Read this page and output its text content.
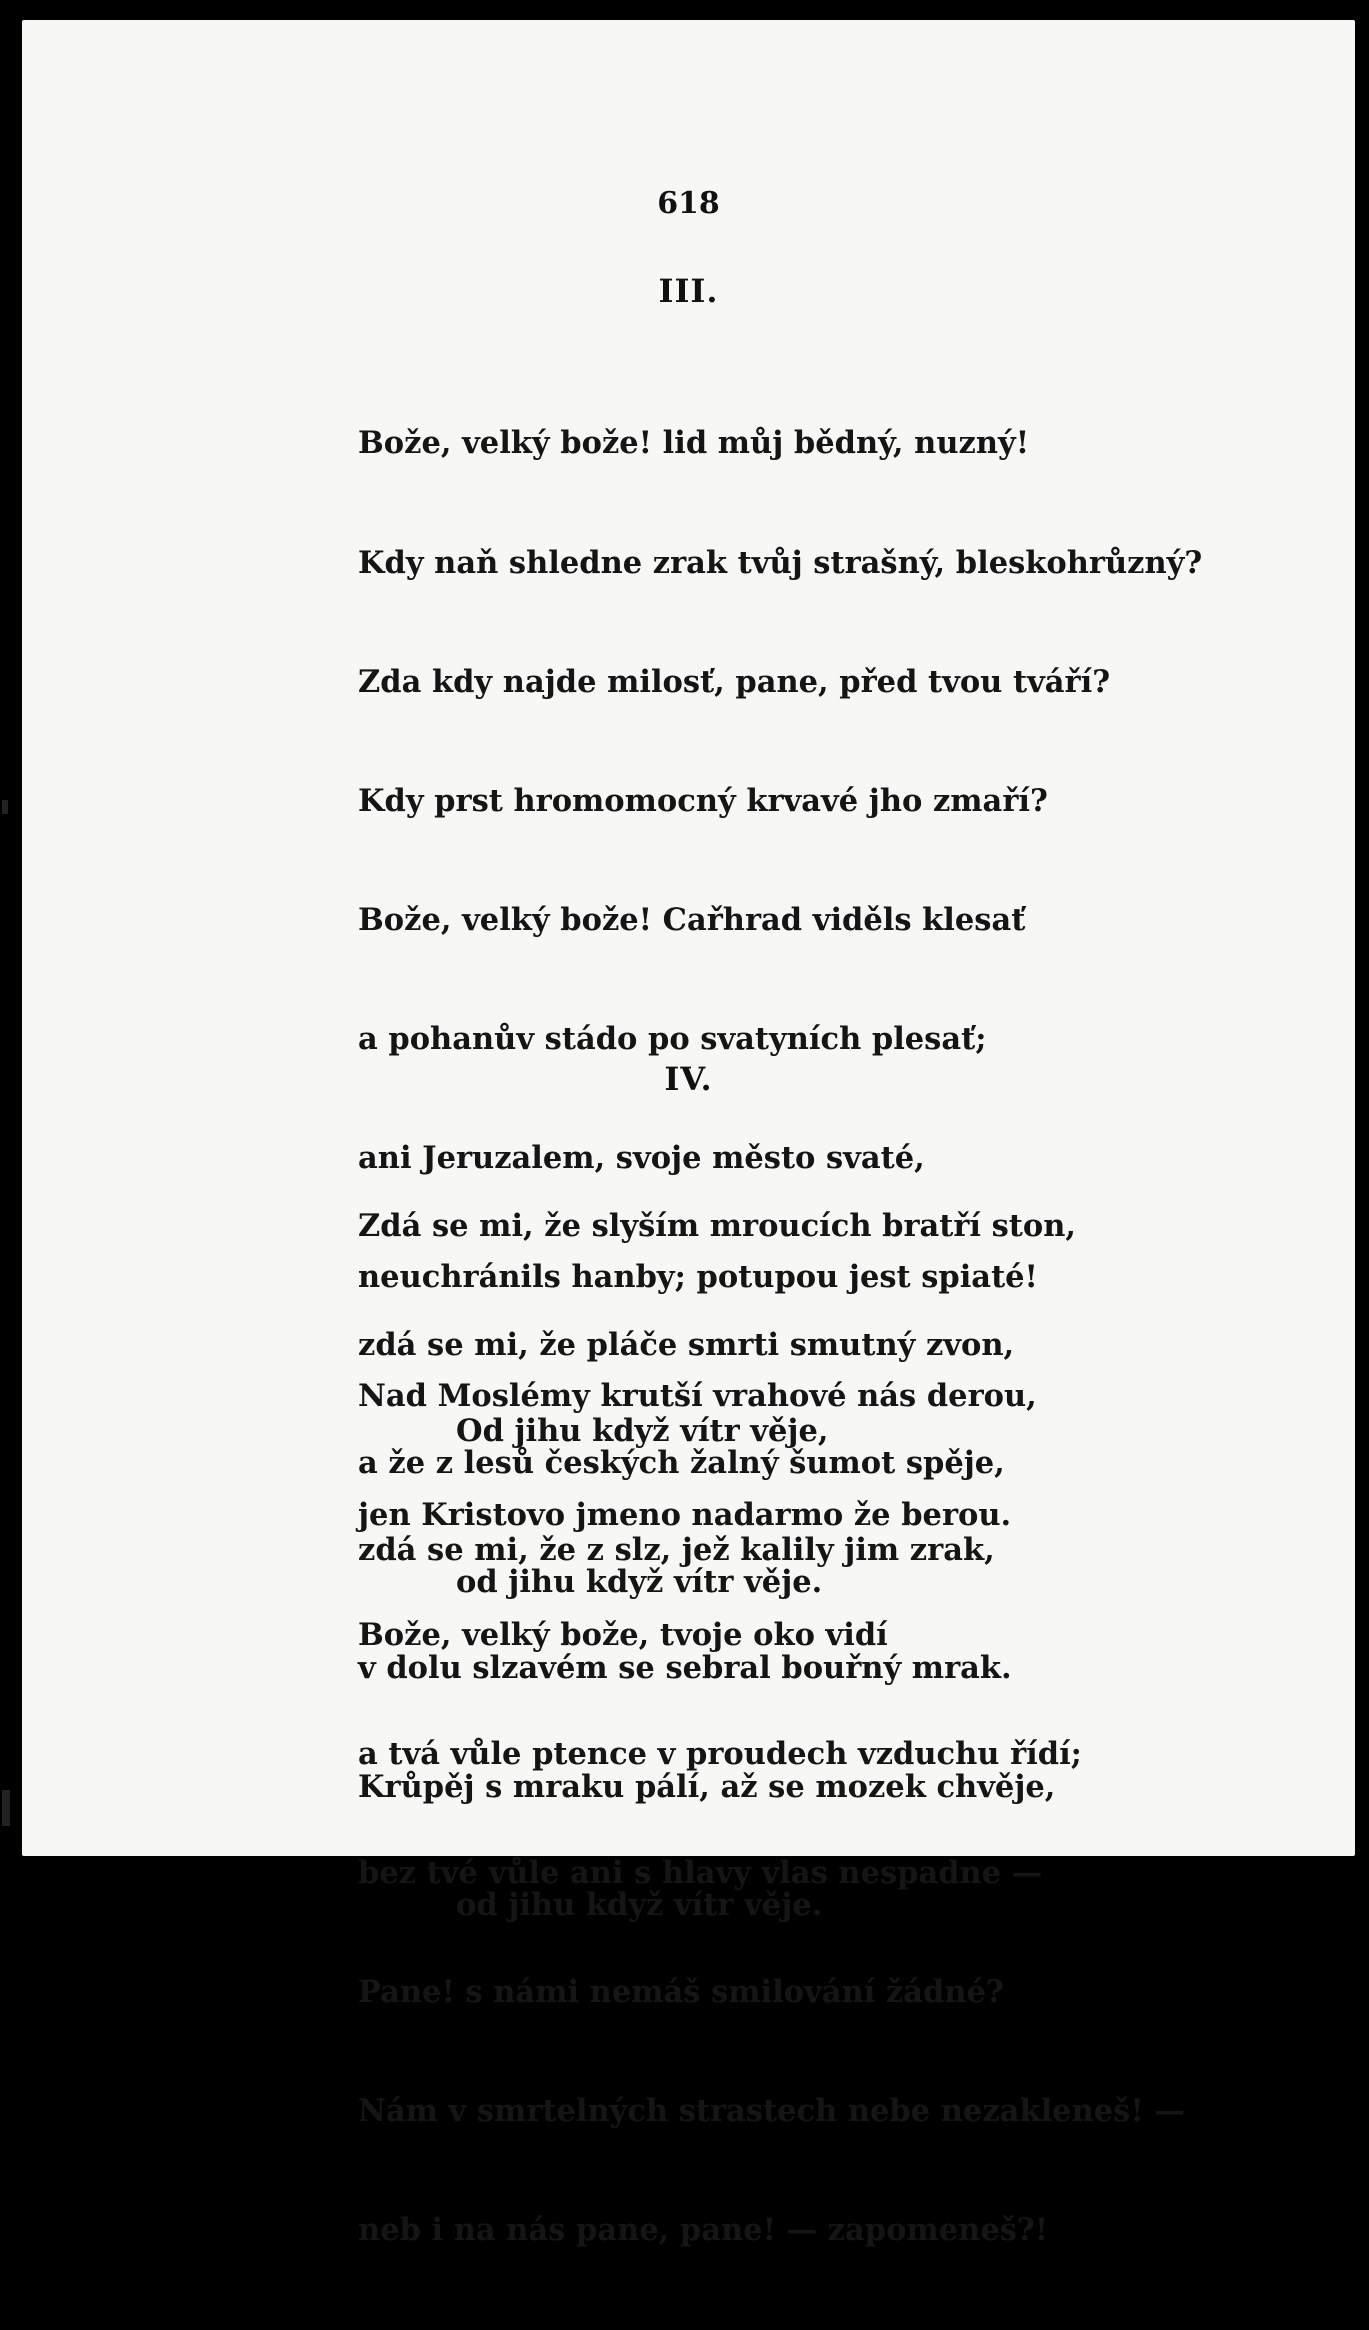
618
III.

Bože, velký bože! lid můj bědný, nuzný!

Kdy naň shledne zrak tvůj strašný, bleskohrůzný?

Zda kdy najde milosť, pane, před tvou tváří?

Kdy prst hromomocný krvavé jho zmaří?

Bože, velký bože! Cařhrad viděls klesať

a pohanův stádo po svatyních plesať;

ani Jeruzalem, svoje město svaté,

neuchránils hanby; potupou jest spiaté!

Nad Moslémy krutší vrahové nás derou,

jen Kristovo jmeno nadarmo že berou.

Bože, velký bože, tvoje oko vidí

a tvá vůle ptence v proudech vzduchu řídí;

bez tvé vůle ani s hlavy vlas nespadne —

Pane! s námi nemáš smilování žádné?

Nám v smrtelných strastech nebe nezakleneš! —

neb i na nás pane, pane! — zapomeneš?!

IV.

Zdá se mi, že slyším mroucích bratří ston,

zdá se mi, že pláče smrti smutný zvon,

a že z lesů českých žalný šumot spěje,

od jihu když vítr věje.

Od jihu když vítr věje,

zdá se mi, že z slz, jež kalily jim zrak,

v dolu slzavém se sebral bouřný mrak.

Krůpěj s mraku pálí, až se mozek chvěje,

od jihu když vítr věje.
